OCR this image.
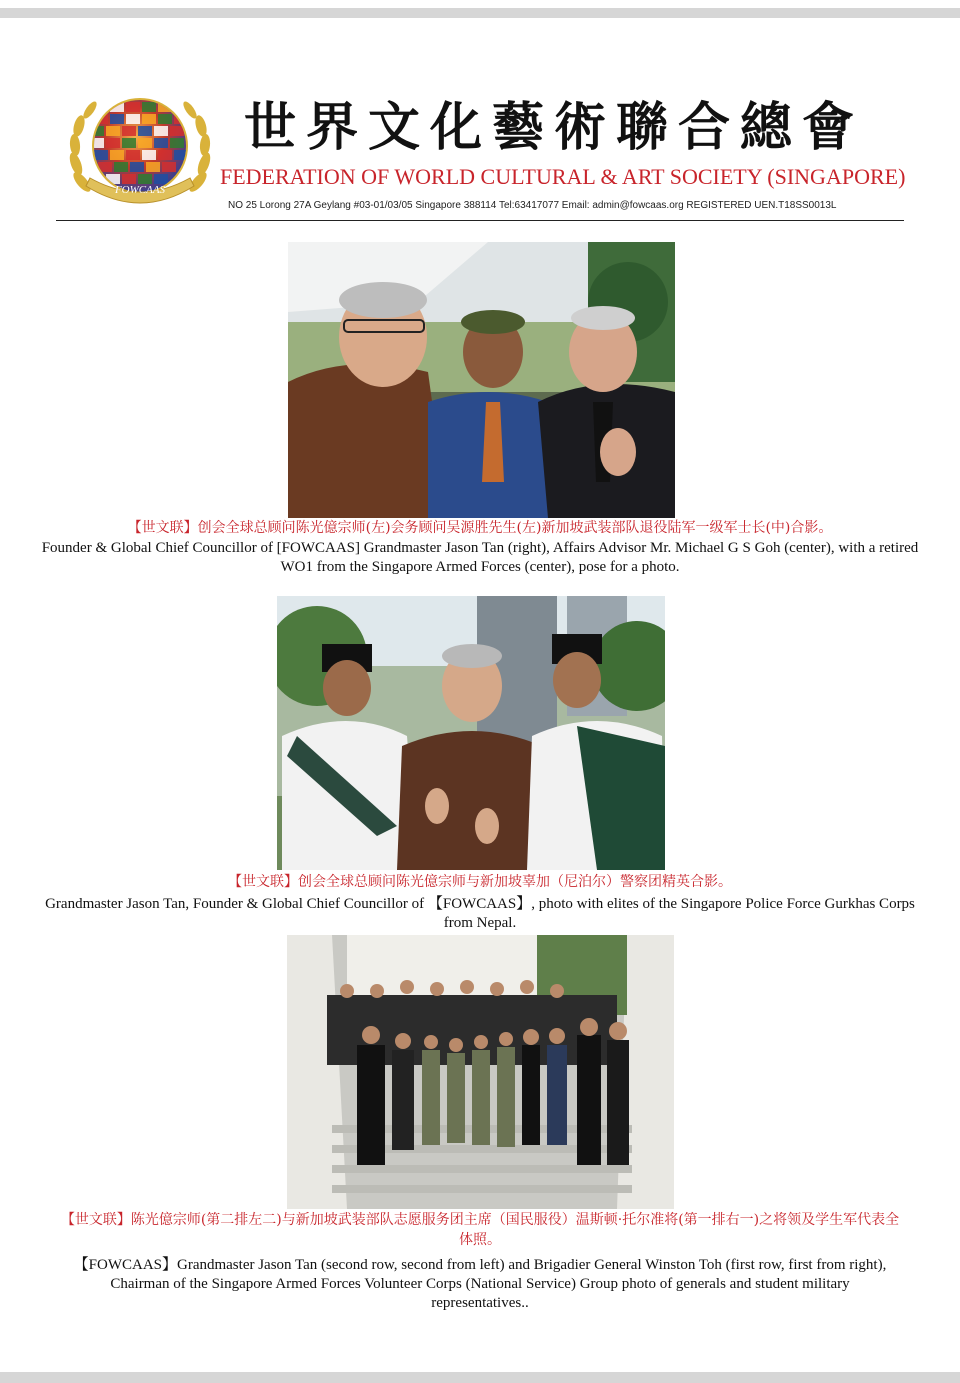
FOWCAAS
世界文化藝術聯合總會
FEDERATION OF WORLD CULTURAL & ART SOCIETY (SINGAPORE)
NO 25 Lorong 27A Geylang #03-01/03/05 Singapore 388114 Tel:63417077 Email: admin@fowcaas.org REGISTERED UEN.T18SS0013L
【世文联】创会全球总顾问陈光億宗师(左)会务顾问吴源胜先生(左)新加坡武装部队退役陆军一级军士长(中)合影。
Founder & Global Chief Councillor of [FOWCAAS] Grandmaster Jason Tan (right), Affairs Advisor Mr. Michael G S Goh (center), with a retired WO1 from the Singapore Armed Forces (center), pose for a photo.
【世文联】创会全球总顾问陈光億宗师与新加坡辜加（尼泊尔）警察团精英合影。
Grandmaster Jason Tan, Founder & Global Chief Councillor of 【FOWCAAS】, photo with elites of the Singapore Police Force Gurkhas Corps from Nepal.
【世文联】陈光億宗师(第二排左二)与新加坡武装部队志愿服务团主席（国民服役）温斯顿·托尔准将(第一排右一)之将领及学生军代表全体照。
【FOWCAAS】Grandmaster Jason Tan (second row, second from left) and Brigadier General Winston Toh (first row, first from right), Chairman of the Singapore Armed Forces Volunteer Corps (National Service) Group photo of generals and student military representatives..
